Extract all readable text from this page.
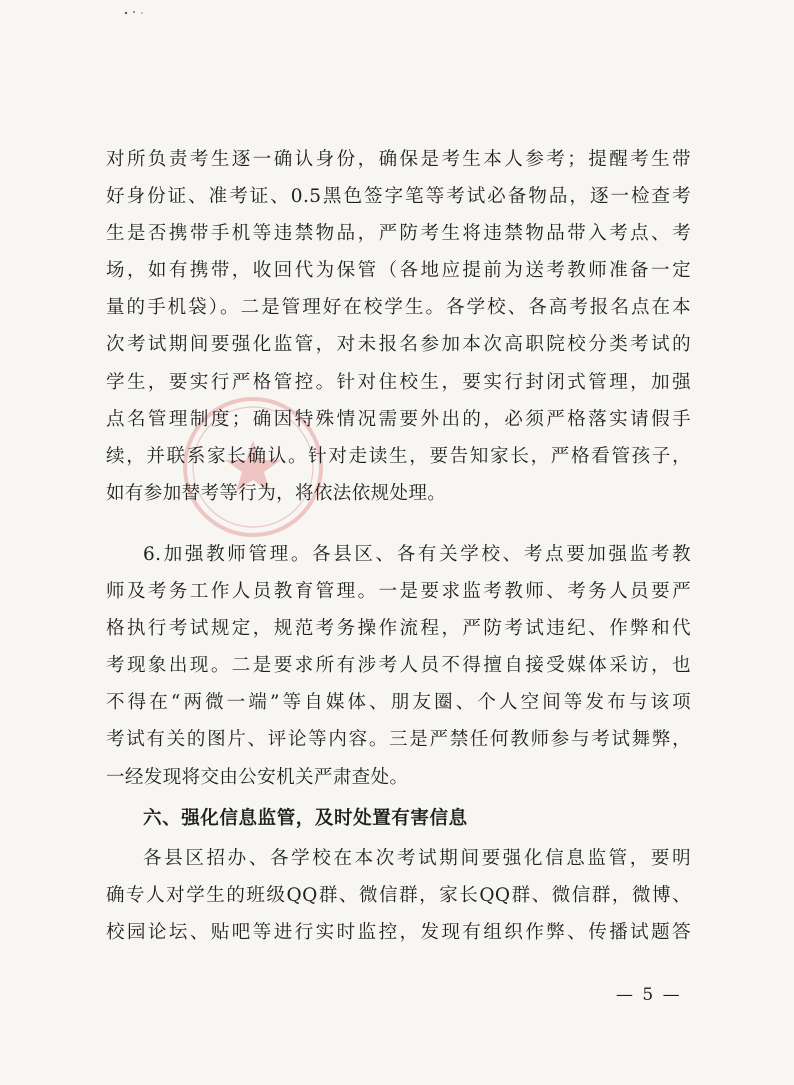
对所负责考生逐一确认身份，确保是考生本人参考；提醒考生带
好身份证、准考证、0.5黑色签字笔等考试必备物品，逐一检查考
生是否携带手机等违禁物品，严防考生将违禁物品带入考点、考
场，如有携带，收回代为保管（各地应提前为送考教师准备一定
量的手机袋）。二是管理好在校学生。各学校、各高考报名点在本
次考试期间要强化监管，对未报名参加本次高职院校分类考试的
学生，要实行严格管控。针对住校生，要实行封闭式管理，加强
点名管理制度；确因特殊情况需要外出的，必须严格落实请假手
续，并联系家长确认。针对走读生，要告知家长，严格看管孩子，
如有参加替考等行为，将依法依规处理。
6.加强教师管理。各县区、各有关学校、考点要加强监考教
师及考务工作人员教育管理。一是要求监考教师、考务人员要严
格执行考试规定，规范考务操作流程，严防考试违纪、作弊和代
考现象出现。二是要求所有涉考人员不得擅自接受媒体采访，也
不得在“两微一端”等自媒体、朋友圈、个人空间等发布与该项
考试有关的图片、评论等内容。三是严禁任何教师参与考试舞弊，
一经发现将交由公安机关严肃查处。
六、强化信息监管，及时处置有害信息
各县区招办、各学校在本次考试期间要强化信息监管，要明
确专人对学生的班级QQ群、微信群，家长QQ群、微信群，微博、
校园论坛、贴吧等进行实时监控，发现有组织作弊、传播试题答
— 5 —
